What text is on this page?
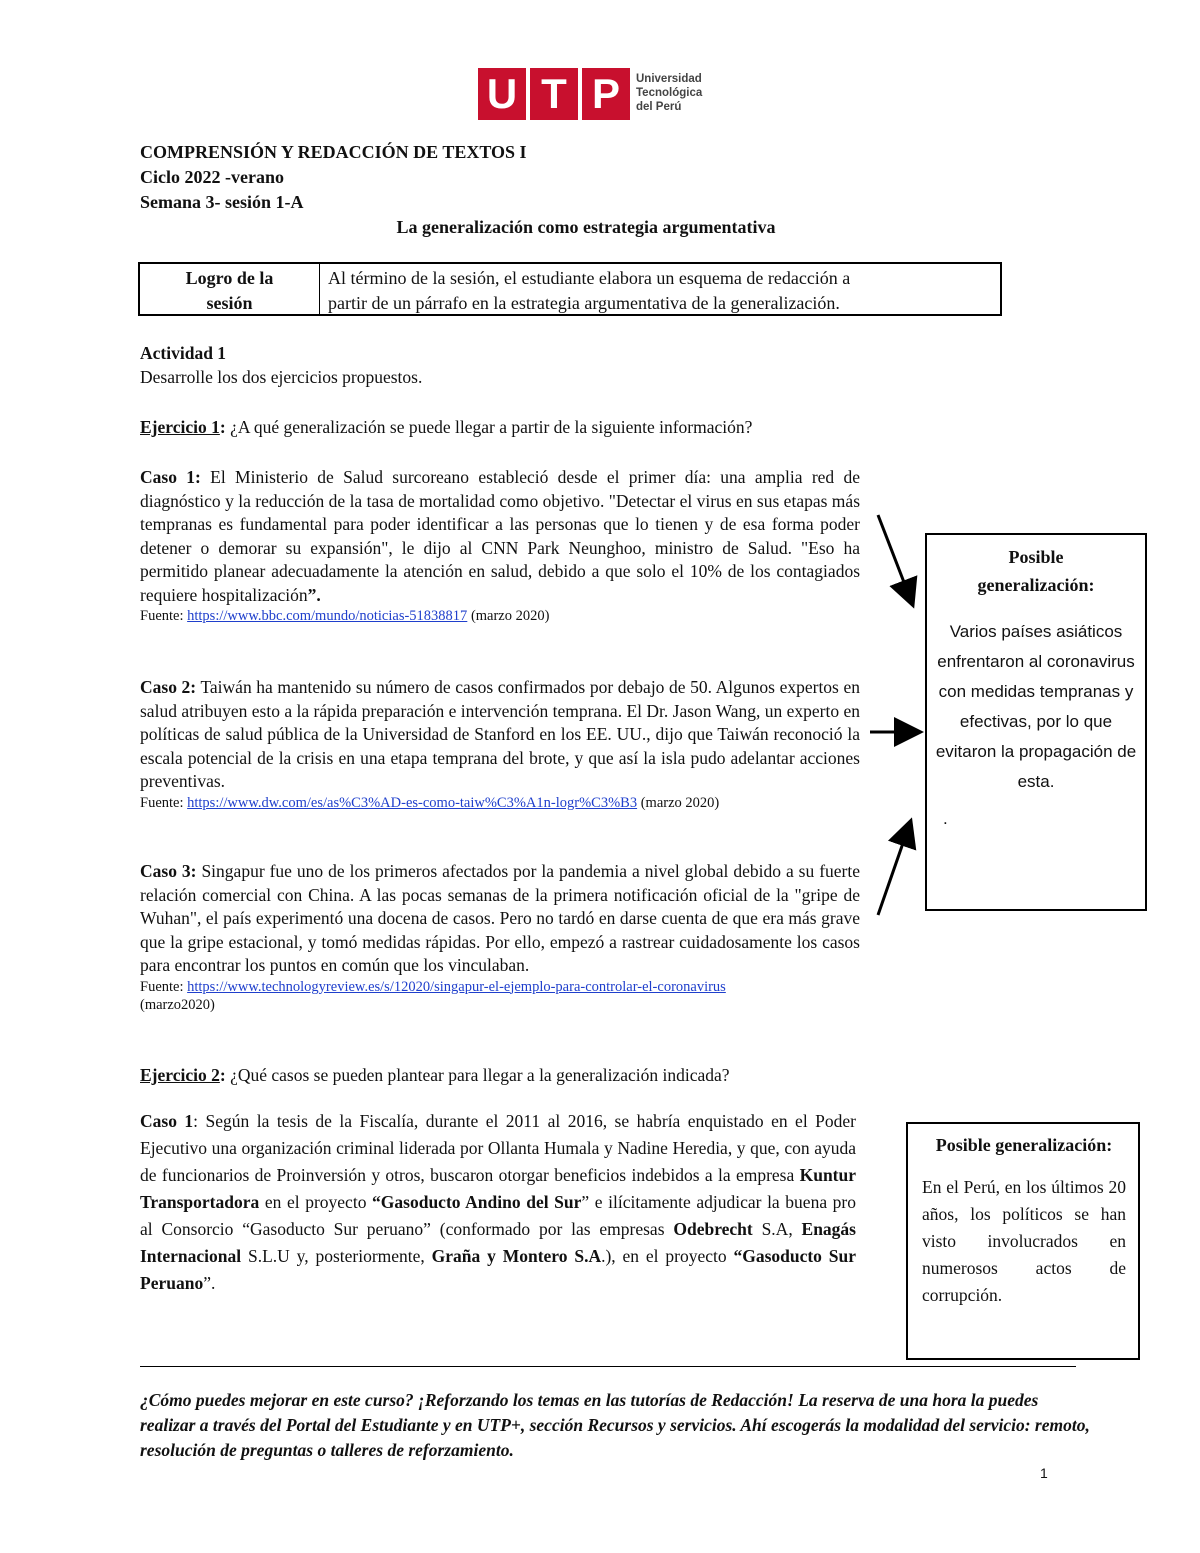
U T P	Universidad
Tecnológica
del Perú
COMPRENSIÓN Y REDACCIÓN DE TEXTOS I
Ciclo 2022 -verano
Semana 3- sesión 1-A
La generalización como estrategia argumentativa
Logro de la
sesión
Al término de la sesión, el estudiante elabora un esquema de redacción a
partir de un párrafo en la estrategia argumentativa de la generalización.
Actividad 1
Desarrolle los dos ejercicios propuestos.
Ejercicio 1: ¿A qué generalización se puede llegar a partir de la siguiente información?
Caso 1: El Ministerio de Salud surcoreano estableció desde el primer día: una amplia red de diagnóstico y la reducción de la tasa de mortalidad como objetivo. "Detectar el virus en sus etapas más tempranas es fundamental para poder identificar a las personas que lo tienen y de esa forma poder detener o demorar su expansión", le dijo al CNN Park Neunghoo, ministro de Salud. "Eso ha permitido planear adecuadamente la atención en salud, debido a que solo el 10% de los contagiados requiere hospitalización”.
Fuente: https://www.bbc.com/mundo/noticias-51838817 (marzo 2020)
Caso 2: Taiwán ha mantenido su número de casos confirmados por debajo de 50. Algunos expertos en salud atribuyen esto a la rápida preparación e intervención temprana. El Dr. Jason Wang, un experto en políticas de salud pública de la Universidad de Stanford en los EE. UU., dijo que Taiwán reconoció la escala potencial de la crisis en una etapa temprana del brote, y que así la isla pudo adelantar acciones preventivas.
Fuente: https://www.dw.com/es/as%C3%AD-es-como-taiw%C3%A1n-logr%C3%B3 (marzo 2020)
Caso 3: Singapur fue uno de los primeros afectados por la pandemia a nivel global debido a su fuerte relación comercial con China. A las pocas semanas de la primera notificación oficial de la "gripe de Wuhan", el país experimentó una docena de casos. Pero no tardó en darse cuenta de que era más grave que la gripe estacional, y tomó medidas rápidas. Por ello, empezó a rastrear cuidadosamente los casos para encontrar los puntos en común que los vinculaban.
Fuente: https://www.technologyreview.es/s/12020/singapur-el-ejemplo-para-controlar-el-coronavirus
(marzo2020)
Posible
generalización:
Varios países asiáticos enfrentaron al coronavirus con medidas tempranas y efectivas, por lo que evitaron la propagación de esta.
.
Ejercicio 2: ¿Qué casos se pueden plantear para llegar a la generalización indicada?
Caso 1: Según la tesis de la Fiscalía, durante el 2011 al 2016, se habría enquistado en el Poder Ejecutivo una organización criminal liderada por Ollanta Humala y Nadine Heredia, y que, con ayuda de funcionarios de Proinversión y otros, buscaron otorgar beneficios indebidos a la empresa Kuntur Transportadora en el proyecto “Gasoducto Andino del Sur” e ilícitamente adjudicar la buena pro al Consorcio “Gasoducto Sur peruano” (conformado por las empresas Odebrecht S.A, Enagás Internacional S.L.U y, posteriormente, Graña y Montero S.A.), en el proyecto “Gasoducto Sur Peruano”.
Posible generalización:
En el Perú, en los últimos 20 años, los políticos se han visto involucrados en numerosos actos de corrupción.
¿Cómo puedes mejorar en este curso? ¡Reforzando los temas en las tutorías de Redacción! La reserva de una hora la puedes realizar a través del Portal del Estudiante y en UTP+, sección Recursos y servicios. Ahí escogerás la modalidad del servicio: remoto, resolución de preguntas o talleres de reforzamiento.
1
